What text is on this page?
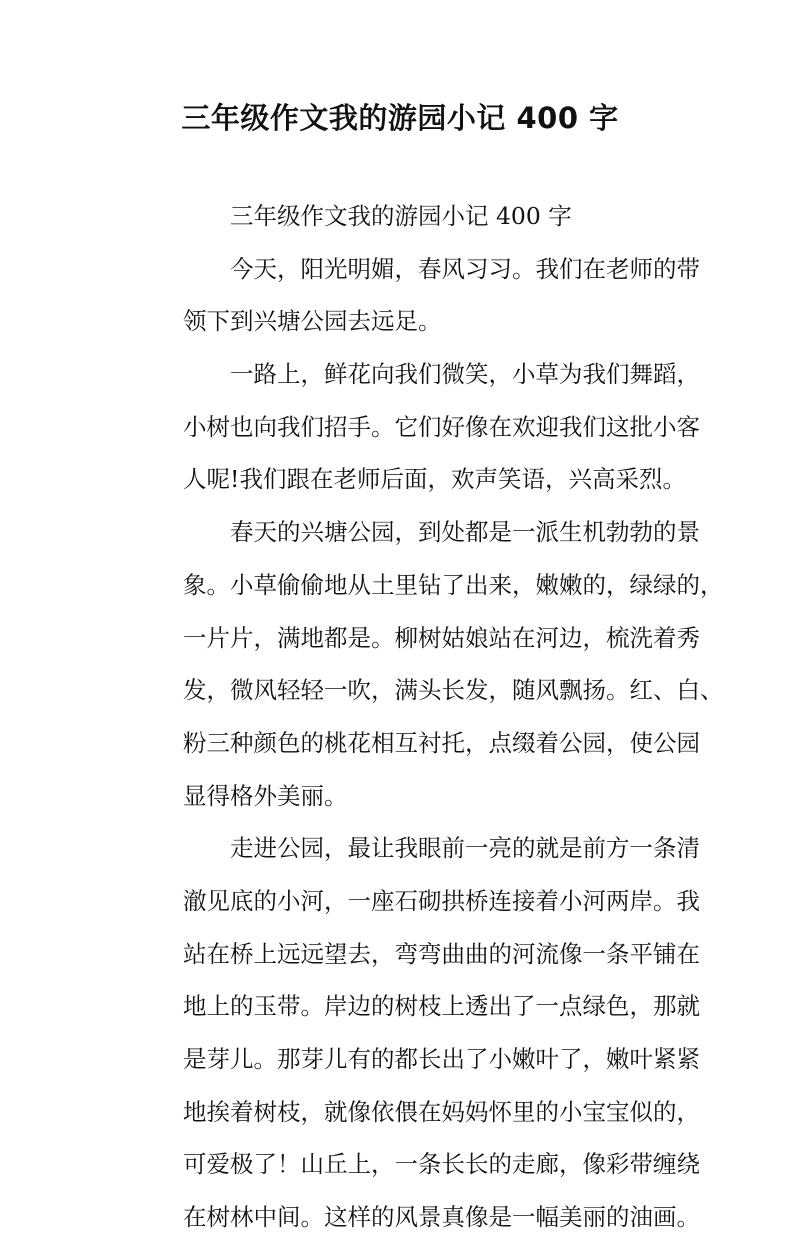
三年级作文我的游园小记 400 字
三年级作文我的游园小记 400 字
今天，阳光明媚，春风习习。我们在老师的带
领下到兴塘公园去远足。
一路上，鲜花向我们微笑，小草为我们舞蹈，
小树也向我们招手。它们好像在欢迎我们这批小客
人呢!我们跟在老师后面，欢声笑语，兴高采烈。
春天的兴塘公园，到处都是一派生机勃勃的景
象。小草偷偷地从土里钻了出来，嫩嫩的，绿绿的，
一片片，满地都是。柳树姑娘站在河边，梳洗着秀
发，微风轻轻一吹，满头长发，随风飘扬。红、白、
粉三种颜色的桃花相互衬托，点缀着公园，使公园
显得格外美丽。
走进公园，最让我眼前一亮的就是前方一条清
澈见底的小河，一座石砌拱桥连接着小河两岸。我
站在桥上远远望去，弯弯曲曲的河流像一条平铺在
地上的玉带。岸边的树枝上透出了一点绿色，那就
是芽儿。那芽儿有的都长出了小嫩叶了，嫩叶紧紧
地挨着树枝，就像依偎在妈妈怀里的小宝宝似的，
可爱极了！山丘上，一条长长的走廊，像彩带缠绕
在树林中间。这样的风景真像是一幅美丽的油画。
